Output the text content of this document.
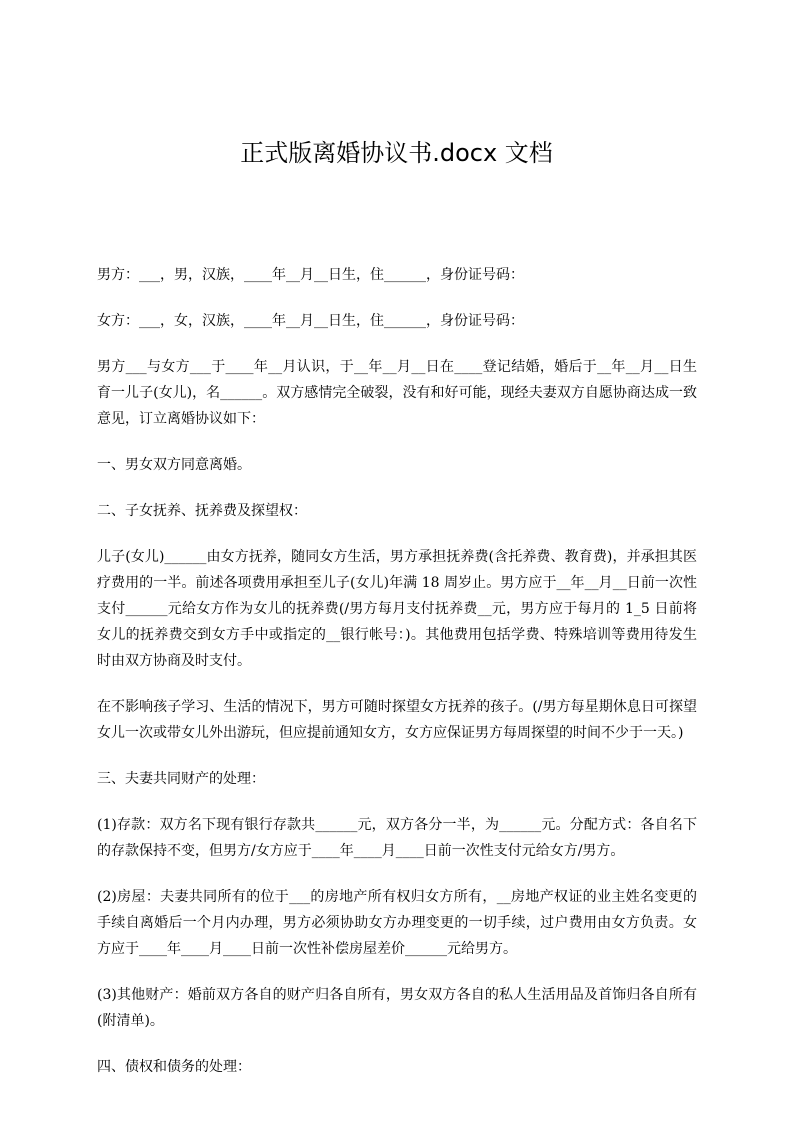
正式版离婚协议书.docx 文档

男方：___，男，汉族，____年__月__日生，住______，身份证号码：

女方：___，女，汉族，____年__月__日生，住______，身份证号码：

男方___与女方___于____年__月认识，于__年__月__日在____登记结婚，婚后于__年__月__日生育一儿子(女儿)，名______。双方感情完全破裂，没有和好可能，现经夫妻双方自愿协商达成一致意见，订立离婚协议如下：

一、男女双方同意离婚。

二、子女抚养、抚养费及探望权：

儿子(女儿)______由女方抚养，随同女方生活，男方承担抚养费(含托养费、教育费)，并承担其医疗费用的一半。前述各项费用承担至儿子(女儿)年满 18 周岁止。男方应于__年__月__日前一次性支付______元给女方作为女儿的抚养费(/男方每月支付抚养费__元，男方应于每月的 1_5 日前将女儿的抚养费交到女方手中或指定的__银行帐号：)。其他费用包括学费、特殊培训等费用待发生时由双方协商及时支付。

在不影响孩子学习、生活的情况下，男方可随时探望女方抚养的孩子。(/男方每星期休息日可探望女儿一次或带女儿外出游玩，但应提前通知女方，女方应保证男方每周探望的时间不少于一天。)

三、夫妻共同财产的处理：

(1)存款：双方名下现有银行存款共______元，双方各分一半，为______元。分配方式：各自名下的存款保持不变，但男方/女方应于____年____月____日前一次性支付元给女方/男方。

(2)房屋：夫妻共同所有的位于___的房地产所有权归女方所有，__房地产权证的业主姓名变更的手续自离婚后一个月内办理，男方必须协助女方办理变更的一切手续，过户费用由女方负责。女方应于____年____月____日前一次性补偿房屋差价______元给男方。

(3)其他财产：婚前双方各自的财产归各自所有，男女双方各自的私人生活用品及首饰归各自所有(附清单)。

四、债权和债务的处理：
